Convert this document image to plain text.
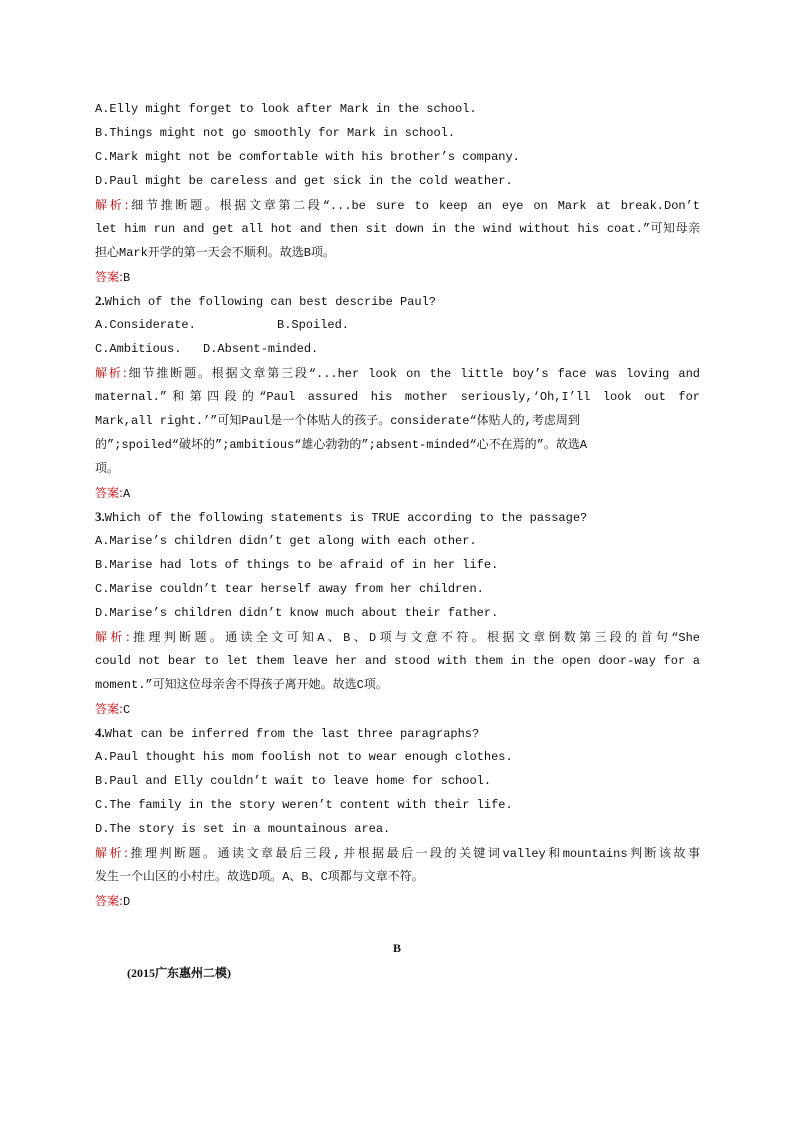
A.Elly might forget to look after Mark in the school.
B.Things might not go smoothly for Mark in school.
C.Mark might not be comfortable with his brother’s company.
D.Paul might be careless and get sick in the cold weather.
解析:细节推断题。根据文章第二段“...be sure to keep an eye on Mark at break.Don’t
let him run and get all hot and then sit down in the wind without his coat.”可知母亲
担心Mark开学的第一天会不顺利。故选B项。
答案:B
2.Which of the following can best describe Paul?
A.Considerate.	B.Spoiled.
C.Ambitious.   D.Absent-minded.
解析:细节推断题。根据文章第三段“...her look on the little boy’s face was loving and
maternal.”和第四段的“Paul assured his mother seriously,‘Oh,I’ll look out for
Mark,all right.’”可知Paul是一个体贴人的孩子。considerate“体贴人的,考虑周到
的”;spoiled“破坏的”;ambitious“雄心勃勃的”;absent-minded“心不在焉的”。故选A
项。
答案:A
3.Which of the following statements is TRUE according to the passage?
A.Marise’s children didn’t get along with each other.
B.Marise had lots of things to be afraid of in her life.
C.Marise couldn’t tear herself away from her children.
D.Marise’s children didn’t know much about their father.
解析:推理判断题。通读全文可知A、B、D项与文意不符。根据文章倒数第三段的首句“She
could not bear to let them leave her and stood with them in the open door-way for a
moment.”可知这位母亲舍不得孩子离开她。故选C项。
答案:C
4.What can be inferred from the last three paragraphs?
A.Paul thought his mom foolish not to wear enough clothes.
B.Paul and Elly couldn’t wait to leave home for school.
C.The family in the story weren’t content with their life.
D.The story is set in a mountainous area.
解析:推理判断题。通读文章最后三段,并根据最后一段的关键词valley和mountains判断该故事
发生一个山区的小村庄。故选D项。A、B、C项都与文章不符。
答案:D
B
(2015广东惠州二模)
